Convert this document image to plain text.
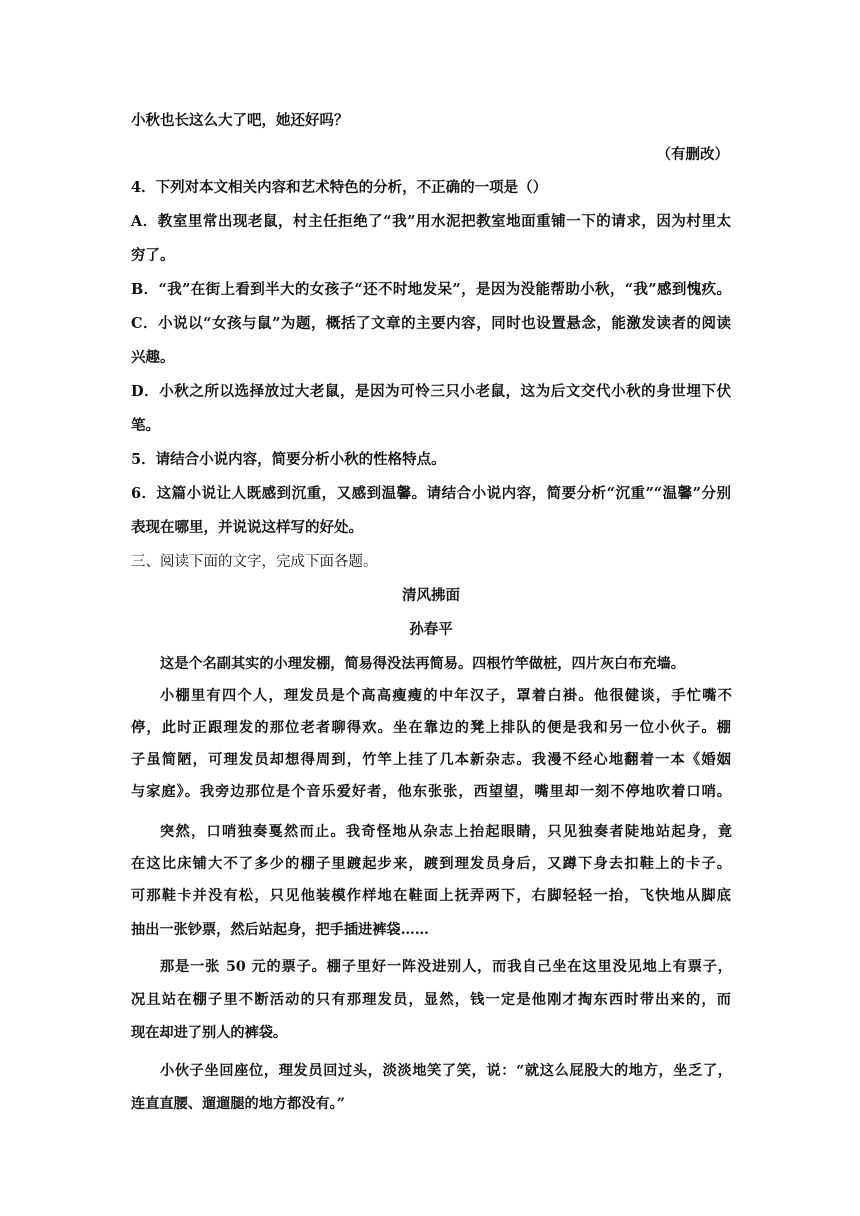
小秋也长这么大了吧，她还好吗？
（有删改）
4．下列对本文相关内容和艺术特色的分析，不正确的一项是（）
A．教室里常出现老鼠，村主任拒绝了“我”用水泥把教室地面重铺一下的请求，因为村里太
穷了。
B．“我”在街上看到半大的女孩子“还不时地发呆”，是因为没能帮助小秋，“我”感到愧疚。
C．小说以“女孩与鼠”为题，概括了文章的主要内容，同时也设置悬念，能激发读者的阅读
兴趣。
D．小秋之所以选择放过大老鼠，是因为可怜三只小老鼠，这为后文交代小秋的身世埋下伏
笔。
5．请结合小说内容，简要分析小秋的性格特点。
6．这篇小说让人既感到沉重，又感到温馨。请结合小说内容，简要分析“沉重”“温馨”分别
表现在哪里，并说说这样写的好处。
三、阅读下面的文字，完成下面各题。
清风拂面
孙春平
这是个名副其实的小理发棚，简易得没法再简易。四根竹竿做桩，四片灰白布充墙。
小棚里有四个人，理发员是个高高瘦瘦的中年汉子，罩着白褂。他很健谈，手忙嘴不
停，此时正跟理发的那位老者聊得欢。坐在靠边的凳上排队的便是我和另一位小伙子。棚
子虽简陋，可理发员却想得周到，竹竿上挂了几本新杂志。我漫不经心地翻着一本《婚姻
与家庭》。我旁边那位是个音乐爱好者，他东张张，西望望，嘴里却一刻不停地吹着口哨。
突然，口哨独奏戛然而止。我奇怪地从杂志上抬起眼睛，只见独奏者陡地站起身，竟
在这比床铺大不了多少的棚子里踱起步来，踱到理发员身后，又蹲下身去扣鞋上的卡子。
可那鞋卡并没有松，只见他装模作样地在鞋面上抚弄两下，右脚轻轻一抬，飞快地从脚底
抽出一张钞票，然后站起身，把手插进裤袋……
那是一张 50 元的票子。棚子里好一阵没进别人，而我自己坐在这里没见地上有票子，
况且站在棚子里不断活动的只有那理发员，显然，钱一定是他刚才掏东西时带出来的，而
现在却进了别人的裤袋。
小伙子坐回座位，理发员回过头，淡淡地笑了笑，说：“就这么屁股大的地方，坐乏了，
连直直腰、遛遛腿的地方都没有。”
